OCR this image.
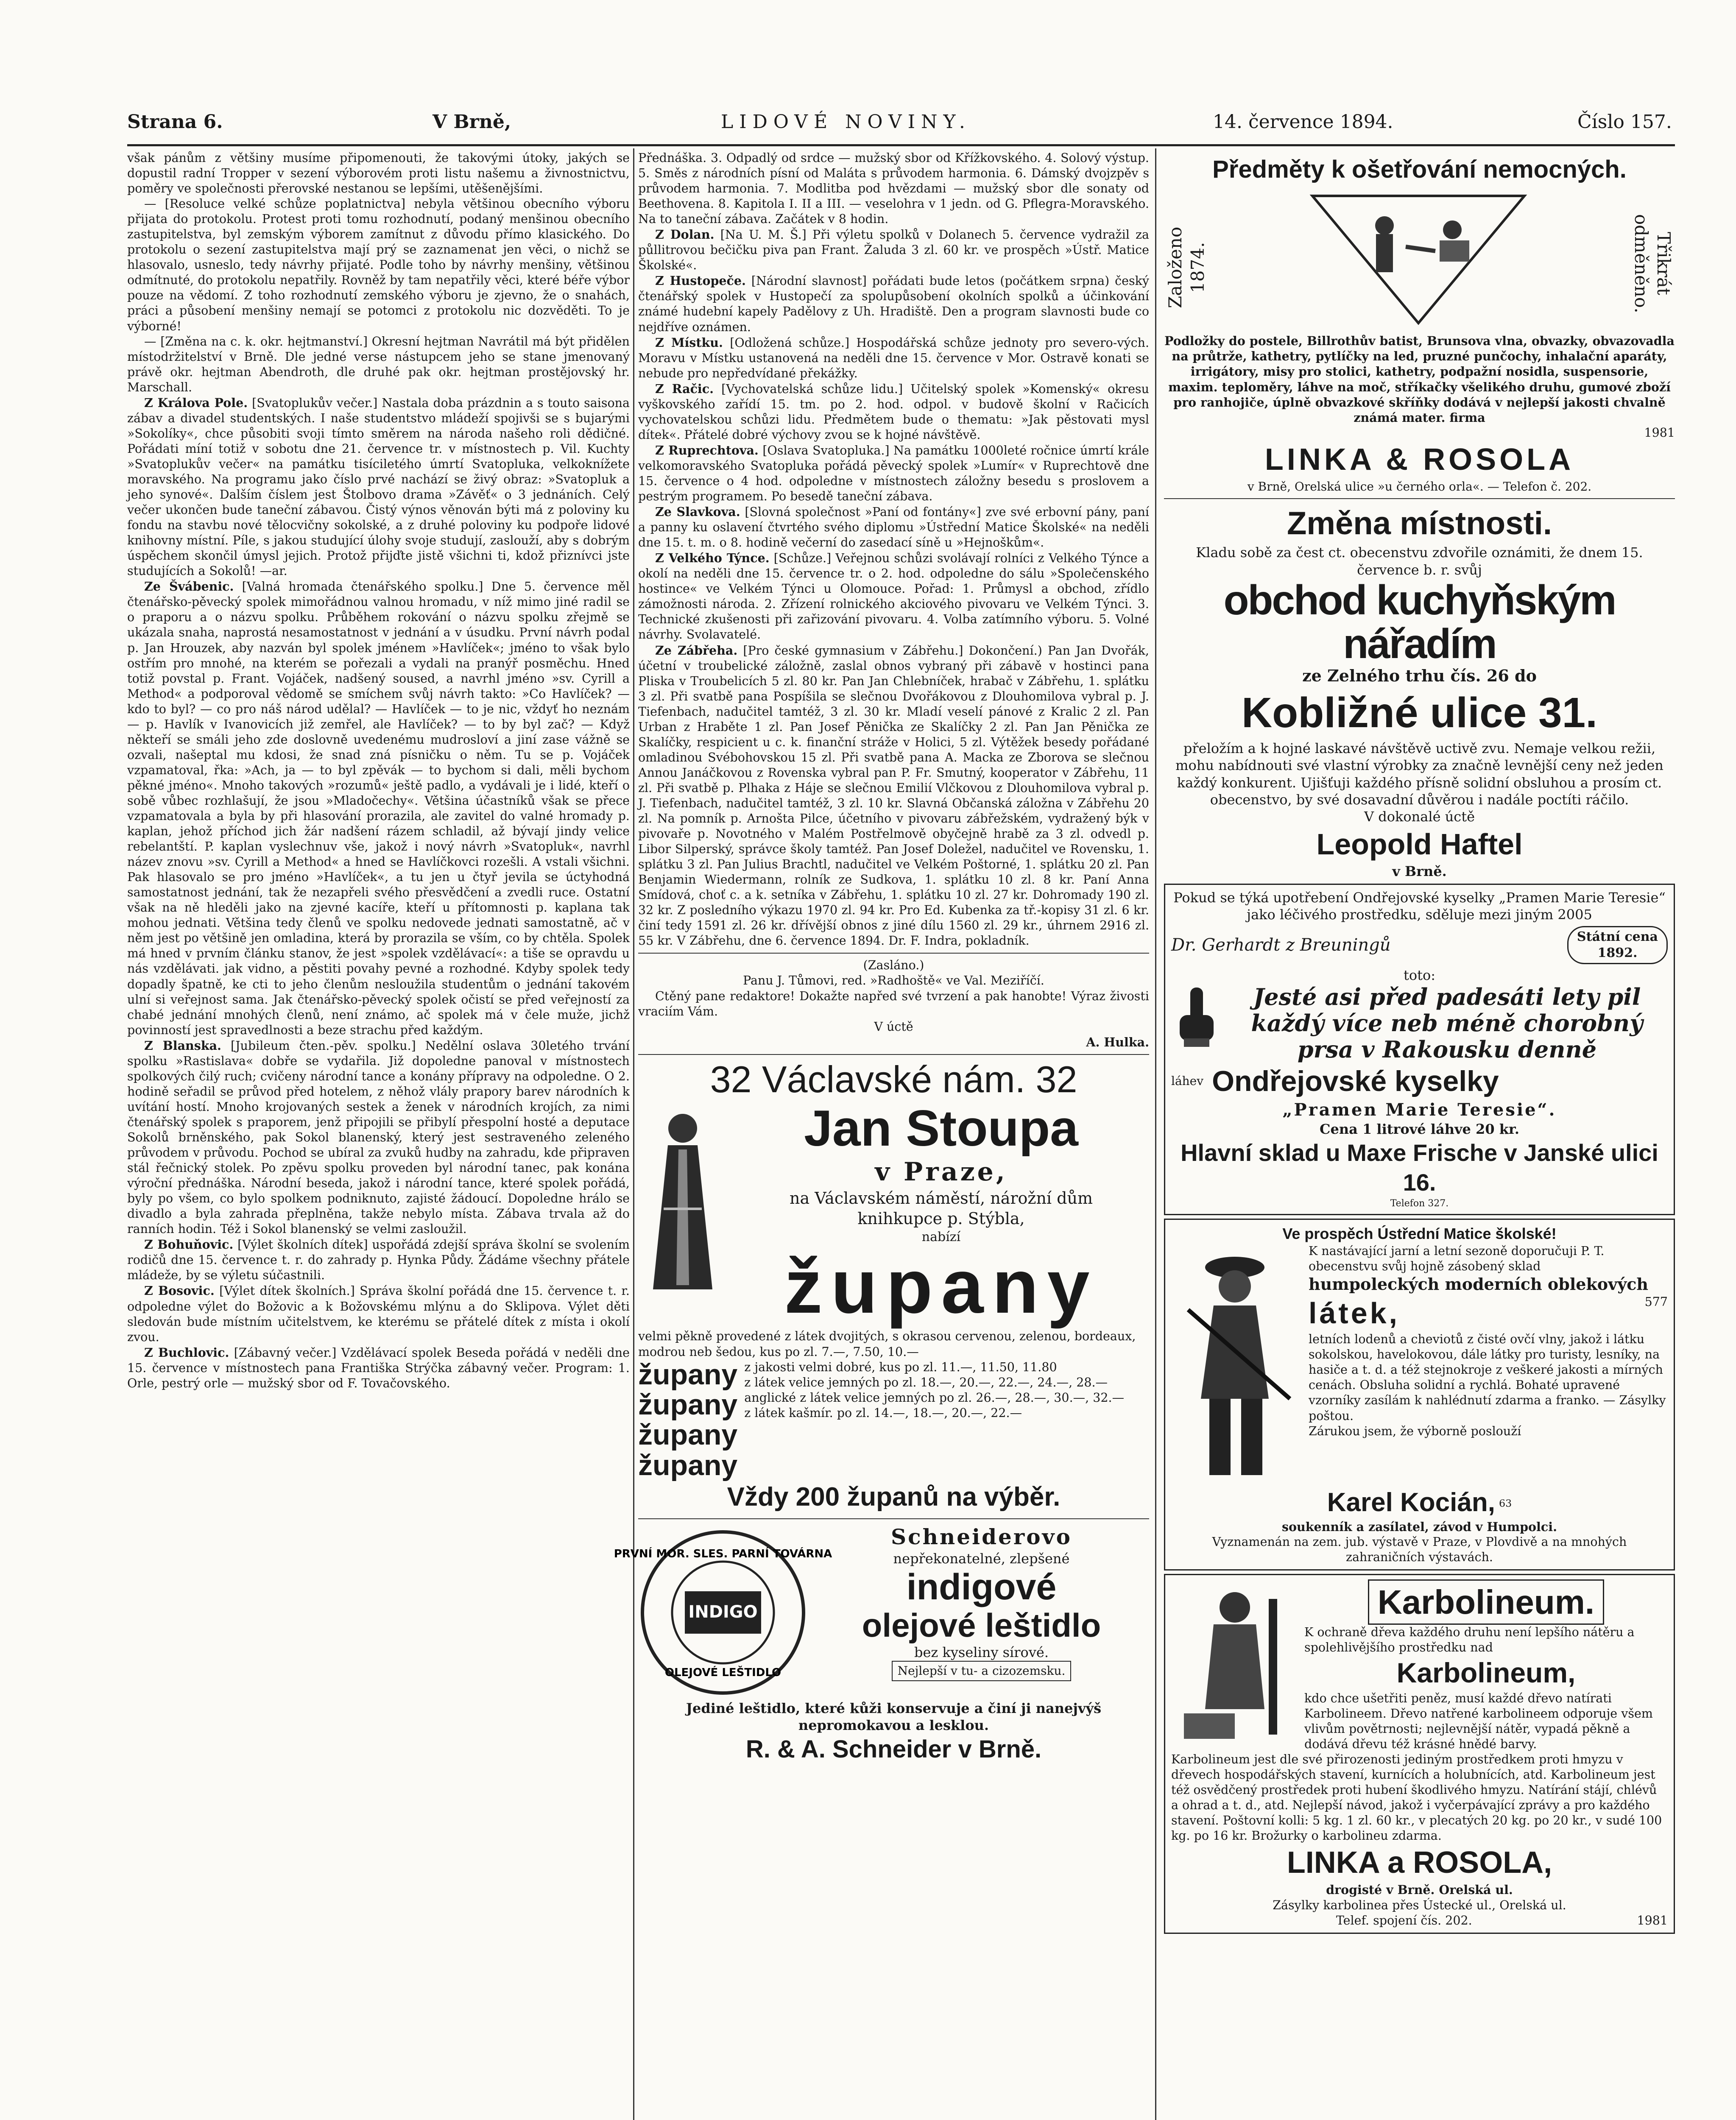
Strana 6.	V Brně,	LIDOVÉ NOVINY.	14. července 1894.	Číslo 157.

však pánům z většiny musíme připomenouti, že takovými útoky, jakých se dopustil radní Tropper v sezení výborovém proti listu našemu a živnostnictvu, poměry ve společnosti přerovské nestanou se lepšími, utěšenějšími.

— [Resoluce velké schůze poplatnictva] nebyla většinou obecního výboru přijata do protokolu. Protest proti tomu rozhodnutí, podaný menšinou obecního zastupitelstva, byl zemským výborem zamítnut z důvodu přímo klasického. Do protokolu o sezení zastupitelstva mají prý se zaznamenat jen věci, o nichž se hlasovalo, usneslo, tedy návrhy přijaté. Podle toho by návrhy menšiny, většinou odmítnuté, do protokolu nepatřily. Rovněž by tam nepatřily věci, které béře výbor pouze na vědomí. Z toho rozhodnutí zemského výboru je zjevno, že o snahách, práci a působení menšiny nemají se potomci z protokolu nic dozvěděti. To je výborné!

— [Změna na c. k. okr. hejtmanství.] Okresní hejtman Navrátil má být přidělen místodržitelství v Brně. Dle jedné verse nástupcem jeho se stane jmenovaný právě okr. hejtman Abendroth, dle druhé pak okr. hejtman prostějovský hr. Marschall.

Z Králova Pole. [Svatoplukův večer.] Nastala doba prázdnin a s touto saisona zábav a divadel studentských. I naše studentstvo mládeží spojivši se s bujarými »Sokolíky«, chce působiti svoji tímto směrem na národa našeho roli dědičné. Pořádati míní totiž v sobotu dne 21. července tr. v místnostech p. Vil. Kuchty »Svatoplukův večer« na památku tisíciletého úmrtí Svatopluka, velkoknížete moravského. Na programu jako číslo prvé nachází se živý obraz: »Svatopluk a jeho synové«. Dalším číslem jest Štolbovo drama »Závěť« o 3 jednáních. Celý večer ukončen bude taneční zábavou. Čistý výnos věnován býti má z poloviny ku fondu na stavbu nové tělocvičny sokolské, a z druhé poloviny ku podpoře lidové knihovny místní. Píle, s jakou studující úlohy svoje studují, zaslouží, aby s dobrým úspěchem skončil úmysl jejich. Protož přijďte jistě všichni ti, kdož přiznívci jste studujících a Sokolů! —ar.

Ze Švábenic. [Valná hromada čtenářského spolku.] Dne 5. července měl čtenářsko-pěvecký spolek mimořádnou valnou hromadu, v níž mimo jiné radil se o praporu a o názvu spolku. Průběhem rokování o názvu spolku zřejmě se ukázala snaha, naprostá nesamostatnost v jednání a v úsudku. První návrh podal p. Jan Hrouzek, aby nazván byl spolek jménem »Havlíček«; jméno to však bylo ostřím pro mnohé, na kterém se pořezali a vydali na pranýř posměchu. Hned totiž povstal p. Frant. Vojáček, nadšený soused, a navrhl jméno »sv. Cyrill a Method« a podporoval vědomě se smíchem svůj návrh takto: »Co Havlíček? — kdo to byl? — co pro náš národ udělal? — Havlíček — to je nic, vždyť ho neznám — p. Havlík v Ivanovicích již zemřel, ale Havlíček? — to by byl zač? — Když někteří se smáli jeho zde doslovně uvedenému mudrosloví a jiní zase vážně se ozvali, našeptal mu kdosi, že snad zná písničku o něm. Tu se p. Vojáček vzpamatoval, řka: »Ach, ja — to byl zpěvák — to bychom si dali, měli bychom pěkné jméno«. Mnoho takových »rozumů« ještě padlo, a vydávali je i lidé, kteří o sobě vůbec rozhlašují, že jsou »Mladočechy«. Většina účastníků však se přece vzpamatovala a byla by při hlasování prorazila, ale zavitel do valné hromady p. kaplan, jehož příchod jich žár nadšení rázem schladil, až bývají jindy velice rebelantští. P. kaplan vyslechnuv vše, jakož i nový návrh »Svatopluk«, navrhl název znovu »sv. Cyrill a Method« a hned se Havlíčkovci rozešli. A vstali všichni. Pak hlasovalo se pro jméno »Havlíček«, a tu jen u čtyř jevila se úctyhodná samostatnost jednání, tak že nezapřeli svého přesvědčení a zvedli ruce. Ostatní však na ně hleděli jako na zjevné kacíře, kteří u přítomnosti p. kaplana tak mohou jednati. Většina tedy členů ve spolku nedovede jednati samostatně, ač v něm jest po většině jen omladina, která by prorazila se vším, co by chtěla. Spolek má hned v prvním článku stanov, že jest »spolek vzdělávací«: a tiše se opravdu u nás vzdělávati. jak vidno, a pěstiti povahy pevné a rozhodné. Kdyby spolek tedy dopadly špatně, ke cti to jeho členům nesloužila studentům o jednání takovém ulní si veřejnost sama. Jak čtenářsko-pěvecký spolek očistí se před veřejností za chabé jednání mnohých členů, není známo, ač spolek má v čele muže, jichž povinností jest spravedlnosti a beze strachu před každým.

Z Blanska. [Jubileum čten.-pěv. spolku.] Nedělní oslava 30letého trvání spolku »Rastislava« dobře se vydařila. Již dopoledne panoval v místnostech spolkových čilý ruch; cvičeny národní tance a konány přípravy na odpoledne. O 2. hodině seřadil se průvod před hotelem, z něhož vlály prapory barev národních k uvítání hostí. Mnoho krojovaných sestek a ženek v národních krojích, za nimi čtenářský spolek s praporem, jenž připojili se přibylí přespolní hosté a deputace Sokolů brněnského, pak Sokol blanenský, který jest sestraveného zeleného průvodem v průvodu. Pochod se ubíral za zvuků hudby na zahradu, kde připraven stál řečnický stolek. Po zpěvu spolku proveden byl národní tanec, pak konána výroční přednáška. Národní beseda, jakož i národní tance, které spolek pořádá, byly po všem, co bylo spolkem podniknuto, zajisté žádoucí. Dopoledne hrálo se divadlo a byla zahrada přeplněna, takže nebylo místa. Zábava trvala až do ranních hodin. Též i Sokol blanenský se velmi zasloužil.

Z Bohuňovic. [Výlet školních dítek] uspořádá zdejší správa školní se svolením rodičů dne 15. července t. r. do zahrady p. Hynka Půdy. Žádáme všechny přátele mládeže, by se výletu súčastnili.

Z Bosovic. [Výlet dítek školních.] Správa školní pořádá dne 15. července t. r. odpoledne výlet do Božovic a k Božovskému mlýnu a do Sklipova. Výlet děti sledován bude místním učitelstvem, ke kterému se přátelé dítek z místa i okolí zvou.

Z Buchlovic. [Zábavný večer.] Vzdělávací spolek Beseda pořádá v neděli dne 15. července v místnostech pana Františka Strýčka zábavný večer. Program: 1. Orle, pestrý orle — mužský sbor od F. Tovačovského.

Přednáška. 3. Odpadlý od srdce — mužský sbor od Křížkovského. 4. Solový výstup. 5. Směs z národních písní od Malátа s průvodem harmonia. 6. Dámský dvojzpěv s průvodem harmonia. 7. Modlitba pod hvězdami — mužský sbor dle sonaty od Beethovena. 8. Kapitola I. II a III. — veselohra v 1 jedn. od G. Pflegra-Moravského. Na to taneční zábava. Začátek v 8 hodin.

Z Dolan. [Na U. M. Š.] Při výletu spolků v Dolanech 5. července vydražil za půllitrovou bečičku piva pan Frant. Žaluda 3 zl. 60 kr. ve prospěch »Ústř. Matice Školské«.

Z Hustopeče. [Národní slavnost] pořádati bude letos (počátkem srpna) český čtenářský spolek v Hustopečí za spolupůsobení okolních spolků a účinkování známé hudební kapely Padělovy z Uh. Hradiště. Den a program slavnosti bude co nejdříve oznámen.

Z Místku. [Odložená schůze.] Hospodářská schůze jednoty pro severo-vých. Moravu v Místku ustanovená na neděli dne 15. července v Mor. Ostravě konati se nebude pro nepředvídané překážky.

Z Račic. [Vychovatelská schůze lidu.] Učitelský spolek »Komenský« okresu vyškovského zařídí 15. tm. po 2. hod. odpol. v budově školní v Račicích vychovatelskou schůzi lidu. Předmětem bude o thematu: »Jak pěstovati mysl dítek«. Přátelé dobré výchovy zvou se k hojné návštěvě.

Z Ruprechtova. [Oslava Svatopluka.] Na památku 1000leté ročnice úmrtí krále velkomoravského Svatopluka pořádá pěvecký spolek »Lumír« v Ruprechtově dne 15. července o 4 hod. odpoledne v místnostech záložny besedu s proslovem a pestrým programem. Po besedě taneční zábava.

Ze Slavkova. [Slovná společnost »Paní od fontány«] zve své erbovní pány, paní a panny ku oslavení čtvrtého svého diplomu »Ústřední Matice Školské« na neděli dne 15. t. m. o 8. hodině večerní do zasedací síně u »Hejnoškům«.

Z Velkého Týnce. [Schůze.] Veřejnou schůzi svolávají rolníci z Velkého Týnce a okolí na neděli dne 15. července tr. o 2. hod. odpoledne do sálu »Společenského hostince« ve Velkém Týnci u Olomouce. Pořad: 1. Průmysl a obchod, zřídlo zámožnosti národa. 2. Zřízení rolnického akciového pivovaru ve Velkém Týnci. 3. Technické zkušenosti při zařizování pivovaru. 4. Volba zatímního výboru. 5. Volné návrhy. Svolavatelé.

Ze Zábřeha. [Pro české gymnasium v Zábřehu.] Dokončení.) Pan Jan Dvořák, účetní v troubelické záložně, zaslal obnos vybraný při zábavě v hostinci pana Pliska v Troubelicích 5 zl. 80 kr. Pan Jan Chlebníček, hrabač v Zábřehu, 1. splátku 3 zl. Při svatbě pana Pospíšila se slečnou Dvořákovou z Dlouhomilova vybral p. J. Tiefenbach, nadučitel tamtéž, 3 zl. 30 kr. Mladí veselí pánové z Kralic 2 zl. Pan Urban z Hraběte 1 zl. Pan Josef Pěnička ze Skalíčky 2 zl. Pan Jan Pěnička ze Skalíčky, respicient u c. k. finanční stráže v Holici, 5 zl. Výtěžek besedy pořádané omladinou Svébohovskou 15 zl. Při svatbě pana A. Macka ze Zborova se slečnou Annou Janáčkovou z Rovenska vybral pan P. Fr. Smutný, kooperator v Zábřehu, 11 zl. Při svatbě p. Plhaka z Háje se slečnou Emilií Vlčkovou z Dlouhomilova vybral p. J. Tiefenbach, nadučitel tamtéž, 3 zl. 10 kr. Slavná Občanská záložna v Zábřehu 20 zl. Na pomník p. Arnošta Pilce, účetního v pivovaru zábřežském, vydražený býk v pivovaře p. Novotného v Malém Postřelmově obyčejně hrabě za 3 zl. odvedl p. Libor Silperský, správce školy tamtéž. Pan Josef Doležel, nadučitel ve Rovensku, 1. splátku 3 zl. Pan Julius Brachtl, nadučitel ve Velkém Poštorné, 1. splátku 20 zl. Pan Benjamin Wiedermann, rolník ze Sudkova, 1. splátku 10 zl. 8 kr. Paní Anna Smídová, choť c. a k. setníka v Zábřehu, 1. splátku 10 zl. 27 kr. Dohromady 190 zl. 32 kr. Z posledního výkazu 1970 zl. 94 kr. Pro Ed. Kubenka za tř.-kopisy 31 zl. 6 kr. činí tedy 1591 zl. 26 kr. dřívější obnos z jiné dílu 1560 zl. 29 kr., úhrnem 2916 zl. 55 kr. V Zábřehu, dne 6. července 1894. Dr. F. Indra, pokladník.

(Zasláno.)
Panu J. Tůmovi, red. »Radhoště« ve Val. Meziříčí.

Ctěný pane redaktore! Dokažte napřed své tvrzení a pak hanobte! Výraz živosti vraciím Vám.

V úctě
A. Hulka.
32 Václavské nám. 32
Jan Stoupa
v Praze,
na Václavském náměstí, nárožní dům
knihkupce p. Stýbla,
nabízí
župany

velmi pěkně provedené z látek dvojitých, s okrasou cervenou, zelenou, bordeaux, modrou neb šedou, kus po zl. 7.—, 7.50, 10.—

župany
župany
župany
župany

z jakosti velmi dobré, kus po zl. 11.—, 11.50, 11.80

z látek velice jemných po zl. 18.—, 20.—, 22.—, 24.—, 28.—

anglické z látek velice jemných po zl. 26.—, 28.—, 30.—, 32.—

z látek kašmír. po zl. 14.—, 18.—, 20.—, 22.—

Vždy 200 županů na výběr.
PRVNÍ MOR. SLES. PARNÍ TOVÁRNA
INDIGO
OLEJOVÉ LEŠTIDLO
Schneiderovo
nepřekonatelné, zlepšené
indigové
olejové leštidlo
bez kyseliny sírové.
Nejlepší v tu- a cizozemsku.
Jediné leštidlo, které kůži konservuje a činí ji nanejvýš nepromokavou a lesklou.
R. & A. Schneider v Brně.
Předměty k ošetřování nemocných.
Založeno 1874.	Třikrát odměněno.

Podložky do postele, Billrothův batist, Brunsova vlna, obvazky, obvazovadla na průtrže, kathetry, pytlíčky na led, pruzné punčochy, inhalační aparáty, irrigátory, misy pro stolici, kathetry, podpažní nosidla, suspensorie, maxim. teploměry, láhve na moč, stříkačky všelikého druhu, gumové zboží pro ranhojiče, úplně obvazkové skříňky dodává v nejlepší jakosti chvalně známá mater. firma

1981
LINKA & ROSOLA
v Brně, Orelská ulice »u černého orla«. — Telefon č. 202.
Změna místnosti.

Kladu sobě za čest ct. obecenstvu zdvořile oznámiti, že dnem 15. července b. r. svůj

obchod kuchyňským nářadím
ze Zelného trhu čís. 26 do
Kobližné ulice 31.

přeložím a k hojné laskavé návštěvě uctivě zvu. Nemaje velkou režii, mohu nabídnouti své vlastní výrobky za značně levnější ceny než jeden každý konkurent. Ujišťuji každého přísně solidní obsluhou a prosím ct. obecenstvo, by své dosavadní důvěrou i nadále poctíti ráčilo.

V dokonalé úctě
Leopold Haftel
v Brně.

Pokud se týká upotřebení Ondřejovské kyselky „Pramen Marie Teresie“ jako léčivého prostředku, sděluje mezi jiným 2005

Dr. Gerhardt z Breuningů	Státní cena
1892.
toto:
Jesté asi před padesáti lety pil každý více neb méně chorobný prsa v Rakousku denně
láhev Ondřejovské kyselky
„Pramen Marie Teresie“.
Cena 1 litrové láhve 20 kr.
Hlavní sklad u Maxe Frische v Janské ulici 16.
Telefon 327.
Ve prospěch Ústřední Matice školské!

K nastávající jarní a letní sezoně doporučuji P. T. obecenstvu svůj hojně zásobený sklad

humpoleckých moderních oblekových
látek,	577

letních lodenů a cheviotů z čisté ovčí vlny, jakož i látku sokolskou, havelokovou, dále látky pro turisty, lesníky, na hasiče a t. d. a též stejnokroje z veškeré jakosti a mírných cenách. Obsluha solidní a rychlá. Bohaté upravené vzorníky zasílám k nahlédnutí zdarma a franko. — Zásylky poštou.

Zárukou jsem, že výborně poslouží
Karel Kocián, $^{63}$
soukenník a zasílatel, závod v Humpolci.
Vyznamenán na zem. jub. výstavě v Praze, v Plovdivě a na mnohých
zahraničních výstavách.
Karbolineum.

K ochraně dřeva každého druhu není lepšího nátěru a spolehlivějšího prostředku nad

Karbolineum,

kdo chce ušetřiti peněz, musí každé dřevo natírati Karbolineem. Dřevo natřené karbolineem odporuje všem vlivům povětrnosti; nejlevnější nátěr, vypadá pěkně a dodává dřevu též krásné hnědé barvy.

Karbolineum jest dle své přirozenosti jediným prostředkem proti hmyzu v dřevech hospodářských stavení, kurnících a holubnících, atd. Karbolineum jest též osvědčený prostředek proti hubení škodlivého hmyzu. Natírání stájí, chlévů a ohrad a t. d., atd. Nejlepší návod, jakož i vyčerpávající zprávy a pro každého stavení. Poštovní kolli: 5 kg. 1 zl. 60 kr., v plecatých 20 kg. po 20 kr., v sudé 100 kg. po 16 kr. Brožurky o karbolineu zdarma.

LINKA a ROSOLA,
drogisté v Brně. Orelská ul.
Zásylky karbolinea přes Ústecké ul., Orelská ul.
Telef. spojení čís. 202.	1981
